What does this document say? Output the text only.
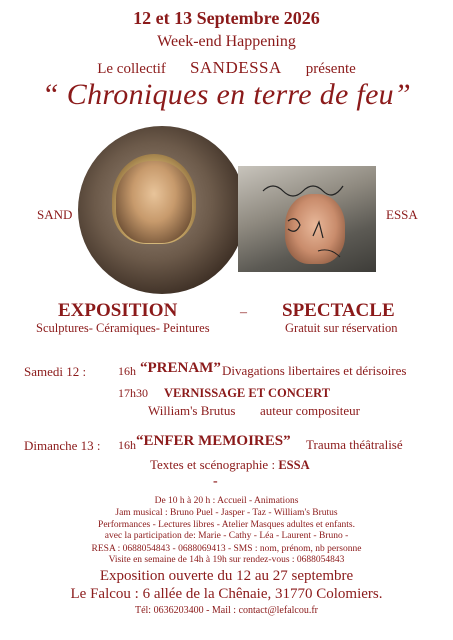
12 et 13 Septembre 2026
Week-end Happening
Le collectif SANDESSA présente
“ Chroniques en terre de feu”
SAND	ESSA
EXPOSITION
Sculptures- Céramiques- Peintures
– SPECTACLE
Gratuit sur réservation
Samedi 12 :	16h “PRENAM” Divagations libertaires et dérisoires
17h30 VERNISSAGE ET CONCERT
William's Brutus auteur compositeur
Dimanche 13 : 16h “ENFER MEMOIRES” Trauma théâtralisé
Textes et scénographie : ESSA
-
De 10 h à 20 h : Accueil - Animations
Jam musical : Bruno Puel - Jasper - Taz - William's Brutus
Performances - Lectures libres - Atelier Masques adultes et enfants.
avec la participation de: Marie - Cathy - Léa - Laurent - Bruno -
RESA : 0688054843 - 0688069413 - SMS : nom, prénom, nb personne
Visite en semaine de 14h à 19h sur rendez-vous : 0688054843
Exposition ouverte du 12 au 27 septembre
Le Falcou : 6 allée de la Chênaie, 31770 Colomiers.
Tél: 0636203400 - Mail : contact@lefalcou.fr
